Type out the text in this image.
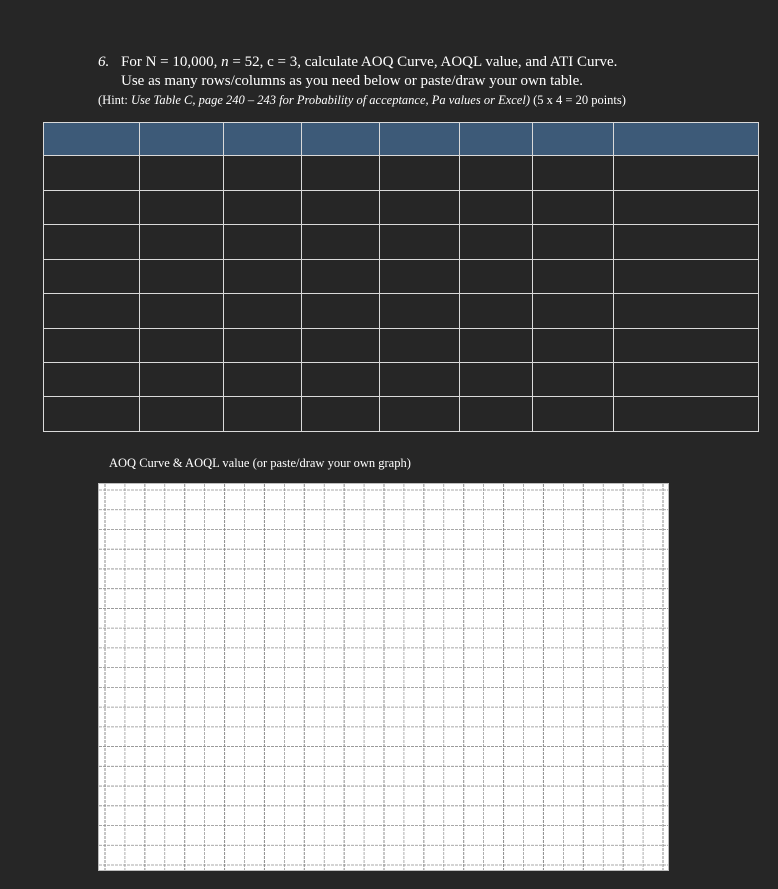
6. For N = 10,000, n = 52, c = 3, calculate AOQ Curve, AOQL value, and ATI Curve.
Use as many rows/columns as you need below or paste/draw your own table.
(Hint: Use Table C, page 240 – 243 for Probability of acceptance, Pa values or Excel) (5 x 4 = 20 points)

AOQ Curve & AOQL value (or paste/draw your own graph)
